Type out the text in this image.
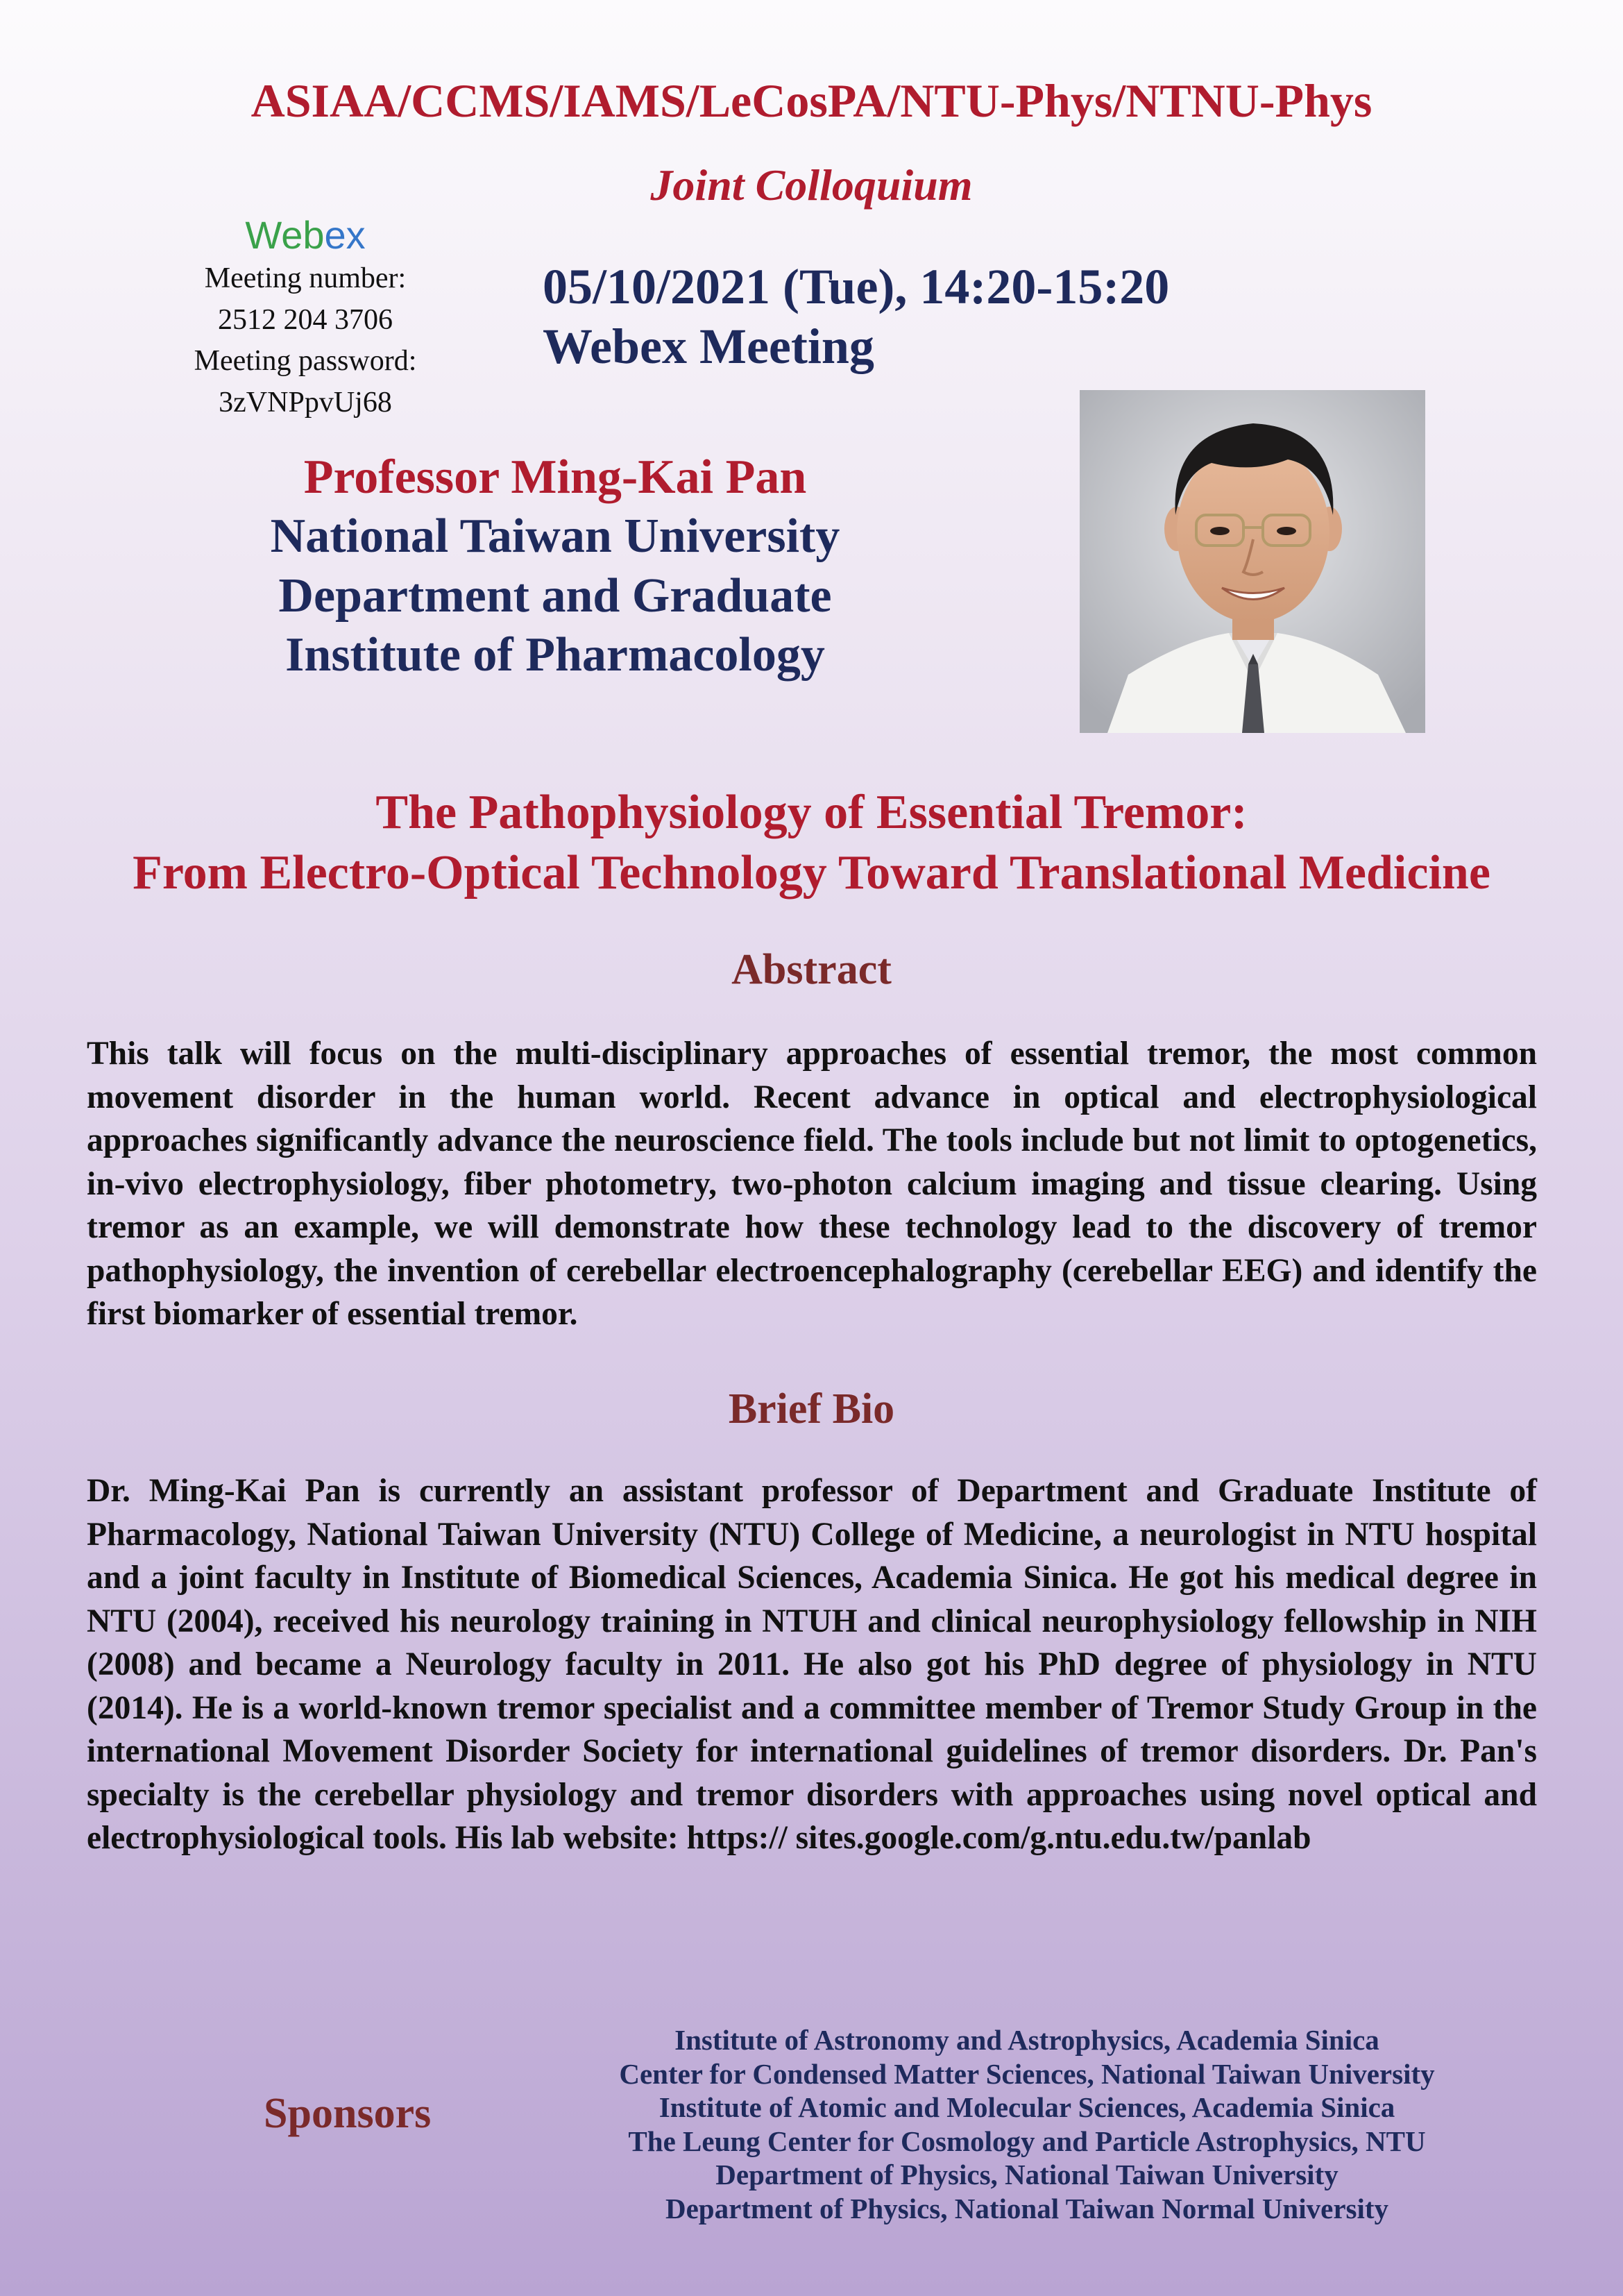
ASIAA/CCMS/IAMS/LeCosPA/NTU-Phys/NTNU-Phys
Joint Colloquium
Webex
Meeting number:
2512 204 3706
Meeting password:
3zVNPpvUj68
05/10/2021 (Tue), 14:20-15:20
Webex Meeting
Professor Ming-Kai Pan
National Taiwan University
Department and Graduate
Institute of Pharmacology
The Pathophysiology of Essential Tremor:
From Electro-Optical Technology Toward Translational Medicine
Abstract
This talk will focus on the multi-disciplinary approaches of essential tremor, the most common movement disorder in the human world. Recent advance in optical and electrophysiological approaches significantly advance the neuroscience field. The tools include but not limit to optogenetics, in-vivo electrophysiology, fiber photometry, two-photon calcium imaging and tissue clearing. Using tremor as an example, we will demonstrate how these technology lead to the discovery of tremor pathophysiology, the invention of cerebellar electroencephalography (cerebellar EEG) and identify the first biomarker of essential tremor.
Brief Bio
Dr. Ming-Kai Pan is currently an assistant professor of Department and Graduate Institute of Pharmacology, National Taiwan University (NTU) College of Medicine, a neurologist in NTU hospital and a joint faculty in Institute of Biomedical Sciences, Academia Sinica. He got his medical degree in NTU (2004), received his neurology training in NTUH and clinical neurophysiology fellowship in NIH (2008) and became a Neurology faculty in 2011. He also got his PhD degree of physiology in NTU (2014). He is a world-known tremor specialist and a committee member of Tremor Study Group in the international Movement Disorder Society for international guidelines of tremor disorders. Dr. Pan's specialty is the cerebellar physiology and tremor disorders with approaches using novel optical and electrophysiological tools. His lab website: https:// sites.google.com/g.ntu.edu.tw/panlab
Sponsors
Institute of Astronomy and Astrophysics, Academia Sinica
Center for Condensed Matter Sciences, National Taiwan University
Institute of Atomic and Molecular Sciences, Academia Sinica
The Leung Center for Cosmology and Particle Astrophysics, NTU
Department of Physics, National Taiwan University
Department of Physics, National Taiwan Normal University
